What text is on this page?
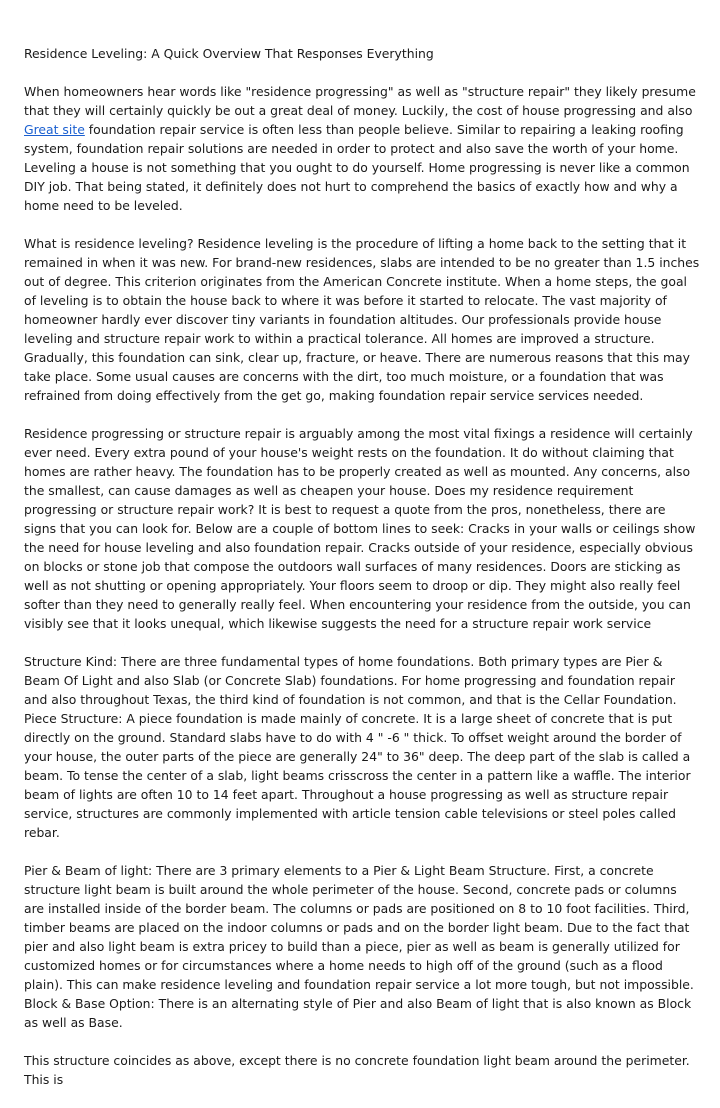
Residence Leveling: A Quick Overview That Responses Everything

When homeowners hear words like "residence progressing" as well as "structure repair" they likely presume that they will certainly quickly be out a great deal of money. Luckily, the cost of house progressing and also Great site foundation repair service is often less than people believe. Similar to repairing a leaking roofing system, foundation repair solutions are needed in order to protect and also save the worth of your home. Leveling a house is not something that you ought to do yourself. Home progressing is never like a common DIY job. That being stated, it definitely does not hurt to comprehend the basics of exactly how and why a home need to be leveled.

What is residence leveling? Residence leveling is the procedure of lifting a home back to the setting that it remained in when it was new. For brand-new residences, slabs are intended to be no greater than 1.5 inches out of degree. This criterion originates from the American Concrete institute. When a home steps, the goal of leveling is to obtain the house back to where it was before it started to relocate. The vast majority of homeowner hardly ever discover tiny variants in foundation altitudes. Our professionals provide house leveling and structure repair work to within a practical tolerance. All homes are improved a structure. Gradually, this foundation can sink, clear up, fracture, or heave. There are numerous reasons that this may take place. Some usual causes are concerns with the dirt, too much moisture, or a foundation that was refrained from doing effectively from the get go, making foundation repair service services needed.

Residence progressing or structure repair is arguably among the most vital fixings a residence will certainly ever need. Every extra pound of your house's weight rests on the foundation. It do without claiming that homes are rather heavy. The foundation has to be properly created as well as mounted. Any concerns, also the smallest, can cause damages as well as cheapen your house. Does my residence requirement progressing or structure repair work? It is best to request a quote from the pros, nonetheless, there are signs that you can look for. Below are a couple of bottom lines to seek: Cracks in your walls or ceilings show the need for house leveling and also foundation repair. Cracks outside of your residence, especially obvious on blocks or stone job that compose the outdoors wall surfaces of many residences. Doors are sticking as well as not shutting or opening appropriately. Your floors seem to droop or dip. They might also really feel softer than they need to generally really feel. When encountering your residence from the outside, you can visibly see that it looks unequal, which likewise suggests the need for a structure repair work service

Structure Kind: There are three fundamental types of home foundations. Both primary types are Pier & Beam Of Light and also Slab (or Concrete Slab) foundations. For home progressing and foundation repair and also throughout Texas, the third kind of foundation is not common, and that is the Cellar Foundation. Piece Structure: A piece foundation is made mainly of concrete. It is a large sheet of concrete that is put directly on the ground. Standard slabs have to do with 4 " -6 " thick. To offset weight around the border of your house, the outer parts of the piece are generally 24" to 36" deep. The deep part of the slab is called a beam. To tense the center of a slab, light beams crisscross the center in a pattern like a waffle. The interior beam of lights are often 10 to 14 feet apart. Throughout a house progressing as well as structure repair service, structures are commonly implemented with article tension cable televisions or steel poles called rebar.

Pier & Beam of light: There are 3 primary elements to a Pier & Light Beam Structure. First, a concrete structure light beam is built around the whole perimeter of the house. Second, concrete pads or columns are installed inside of the border beam. The columns or pads are positioned on 8 to 10 foot facilities. Third, timber beams are placed on the indoor columns or pads and on the border light beam. Due to the fact that pier and also light beam is extra pricey to build than a piece, pier as well as beam is generally utilized for customized homes or for circumstances where a home needs to high off of the ground (such as a flood plain). This can make residence leveling and foundation repair service a lot more tough, but not impossible. Block & Base Option: There is an alternating style of Pier and also Beam of light that is also known as Block as well as Base.

This structure coincides as above, except there is no concrete foundation light beam around the perimeter. This is
